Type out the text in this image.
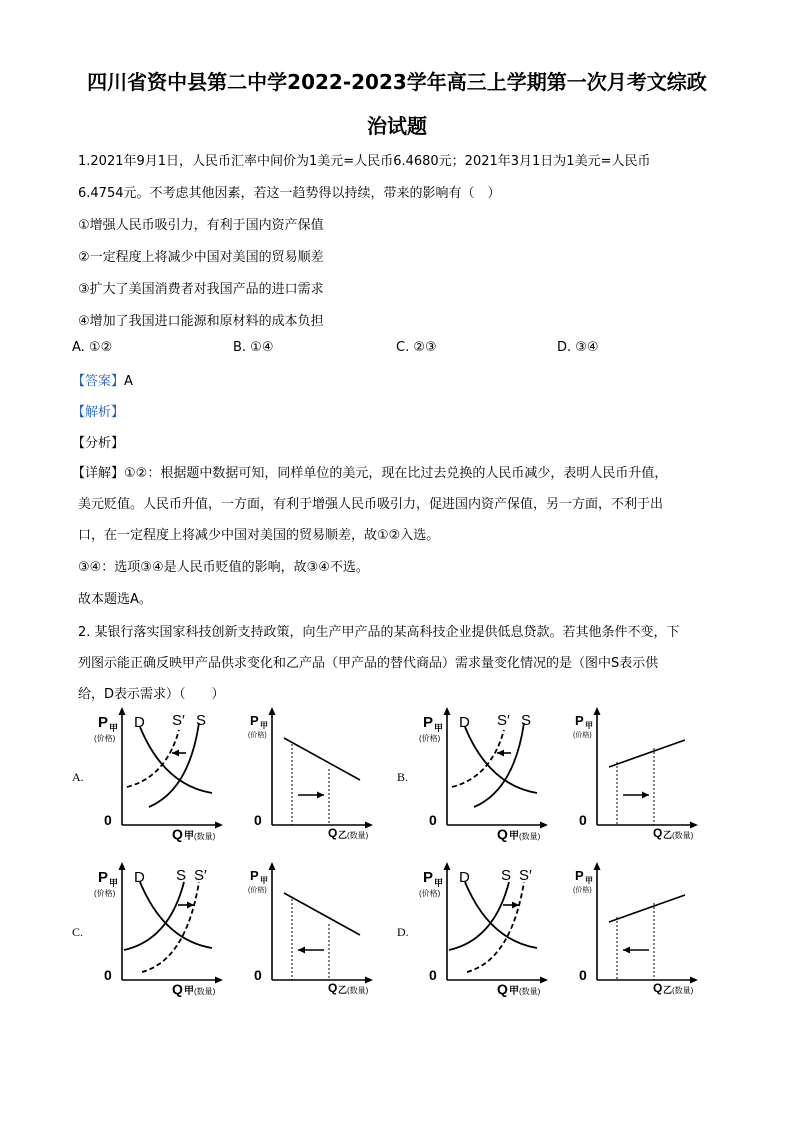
四川省资中县第二中学2022-2023学年高三上学期第一次月考文综政
治试题
1.2021年9月1日，人民币汇率中间价为1美元=人民币6.4680元；2021年3月1日为1美元=人民币
6.4754元。不考虑其他因素，若这一趋势得以持续，带来的影响有（　）
①增强人民币吸引力，有利于国内资产保值
②一定程度上将减少中国对美国的贸易顺差
③扩大了美国消费者对我国产品的进口需求
④增加了我国进口能源和原材料的成本负担
A. ①②	B. ①④	C. ②③	D. ③④
【答案】A
【解析】
【分析】
【详解】①②：根据题中数据可知，同样单位的美元，现在比过去兑换的人民币减少，表明人民币升值，
美元贬值。人民币升值，一方面，有利于增强人民币吸引力，促进国内资产保值，另一方面，不利于出
口，在一定程度上将减少中国对美国的贸易顺差，故①②入选。
③④：选项③④是人民币贬值的影响，故③④不选。
故本题选A。
2. 某银行落实国家科技创新支持政策，向生产甲产品的某高科技企业提供低息贷款。若其他条件不变，下
列图示能正确反映甲产品供求变化和乙产品（甲产品的替代商品）需求量变化情况的是（图中S表示供
给，D表示需求）（　　）
A.
P 甲
(价格)
0
Q 甲 (数量)
D	S
S′	P 甲
(价格)
0
Q 乙 (数量)
B.
P 甲
(价格)
0
Q 甲 (数量)
D	S
S′	P 甲
(价格)
0
Q 乙 (数量)
C.
P 甲
(价格)
0
Q 甲 (数量)
D S S′	P 甲
(价格)
0
Q 乙 (数量)
D.
P 甲
(价格)
0
Q 甲 (数量)
D S S′	P 甲
(价格)
0
Q 乙 (数量)
